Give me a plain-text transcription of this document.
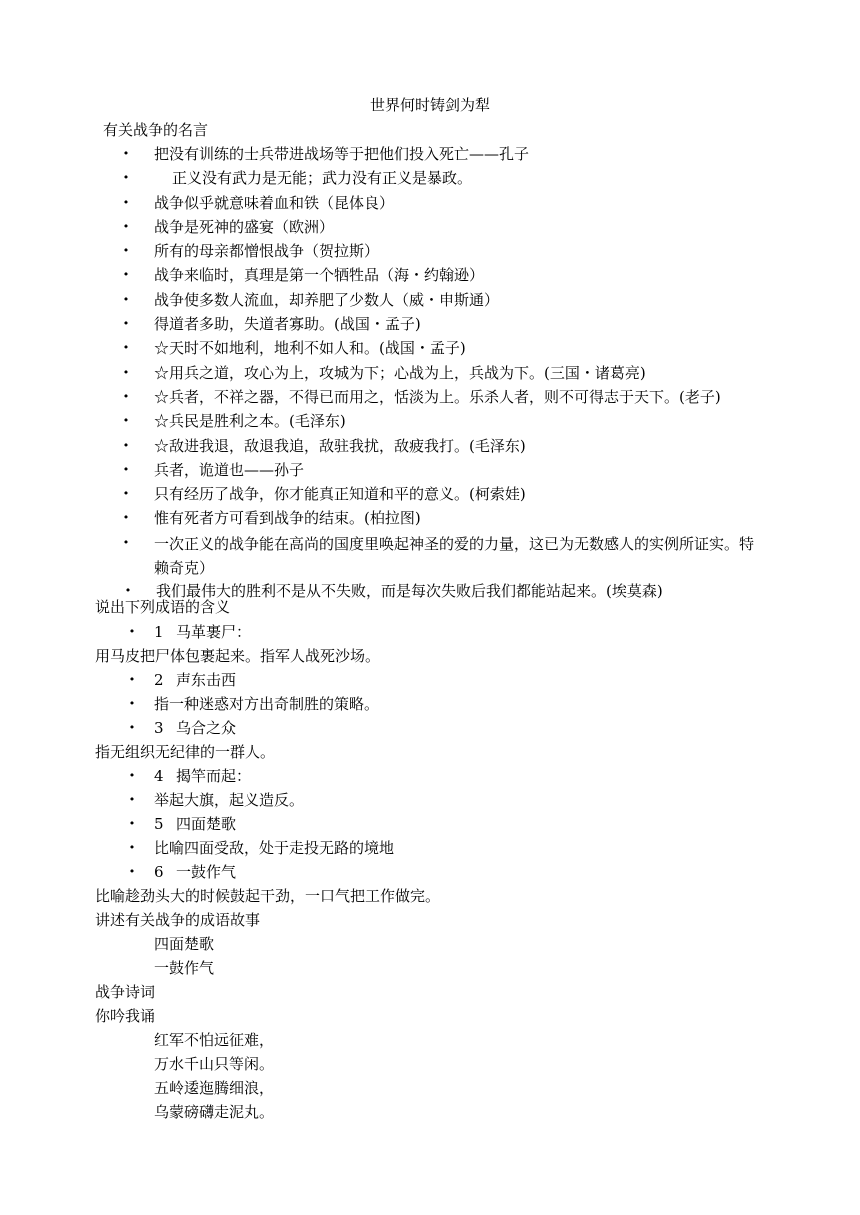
世界何时铸剑为犁
有关战争的名言
• 把没有训练的士兵带进战场等于把他们投入死亡——孔子
•	正义没有武力是无能；武力没有正义是暴政。
• 战争似乎就意味着血和铁（昆体良）
• 战争是死神的盛宴（欧洲）
• 所有的母亲都憎恨战争（贺拉斯）
• 战争来临时，真理是第一个牺牲品（海・约翰逊）
• 战争使多数人流血，却养肥了少数人（威・申斯通）
• 得道者多助，失道者寡助。(战国・孟子)
• ☆天时不如地利，地利不如人和。(战国・孟子)
• ☆用兵之道，攻心为上，攻城为下；心战为上，兵战为下。(三国・诸葛亮)
• ☆兵者，不祥之器，不得已而用之，恬淡为上。乐杀人者，则不可得志于天下。(老子)
• ☆兵民是胜利之本。(毛泽东)
• ☆敌进我退，敌退我追，敌驻我扰，敌疲我打。(毛泽东)
• 兵者，诡道也——孙子
• 只有经历了战争，你才能真正知道和平的意义。(柯索娃)
• 惟有死者方可看到战争的结束。(柏拉图)
• 一次正义的战争能在高尚的国度里唤起神圣的爱的力量，这已为无数感人的实例所证实。特赖奇克）
• 我们最伟大的胜利不是从不失败，而是每次失败后我们都能站起来。(埃莫森)
说出下列成语的含义
• 1 马革裹尸：
用马皮把尸体包裹起来。指军人战死沙场。
• 2 声东击西
• 指一种迷惑对方出奇制胜的策略。
• 3 乌合之众
指无组织无纪律的一群人。
• 4 揭竿而起：
• 举起大旗，起义造反。
• 5 四面楚歌
• 比喻四面受敌，处于走投无路的境地
• 6 一鼓作气
比喻趁劲头大的时候鼓起干劲，一口气把工作做完。
讲述有关战争的成语故事
四面楚歌
一鼓作气
战争诗词
你吟我诵
红军不怕远征难，
万水千山只等闲。
五岭逶迤腾细浪，
乌蒙磅礴走泥丸。
